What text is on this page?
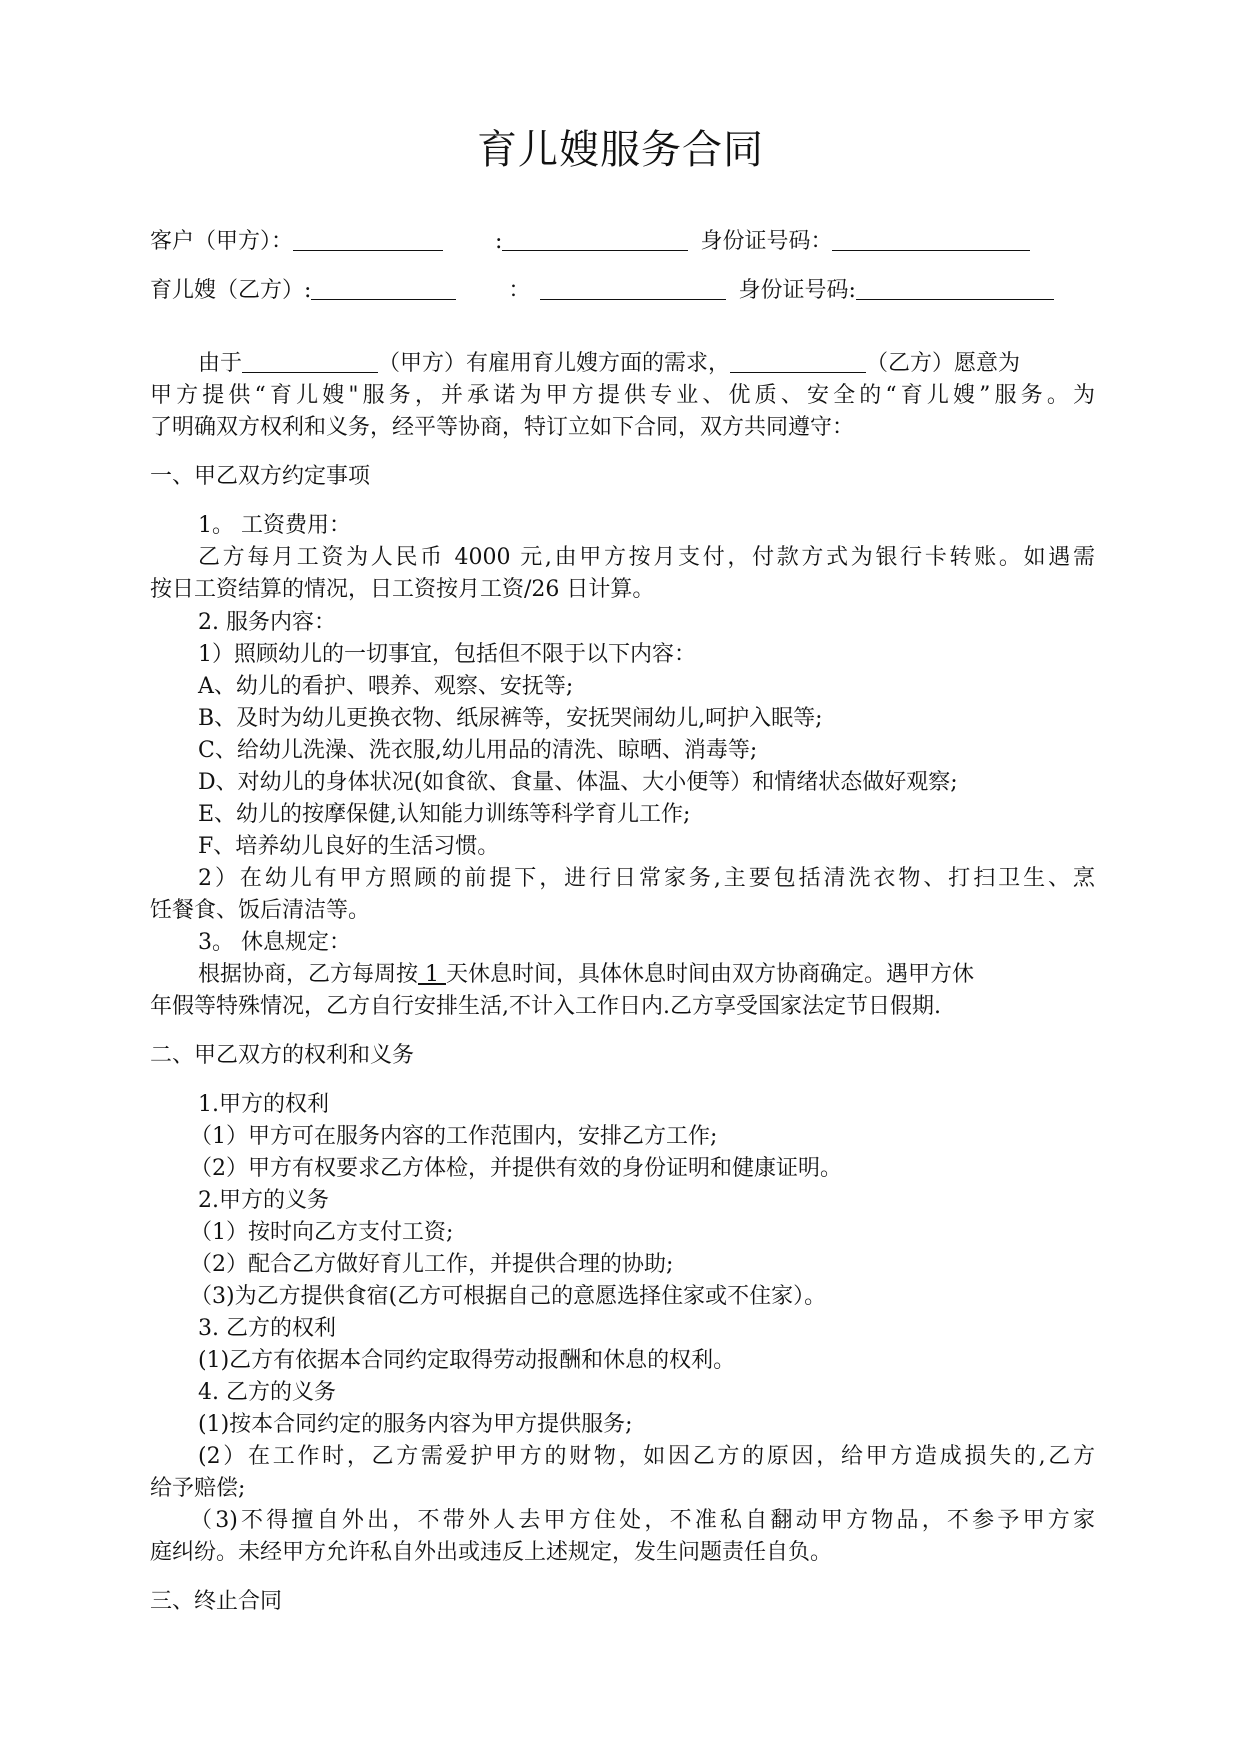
育儿嫂服务合同
客户（甲方）：	:	身份证号码：
育儿嫂（乙方）:	：	身份证号码:
由于	（甲方）有雇用育儿嫂方面的需求，	（乙方）愿意为
甲方提供“育儿嫂"服务，并承诺为甲方提供专业、优质、安全的“育儿嫂”服务。为
了明确双方权利和义务，经平等协商，特订立如下合同，双方共同遵守：
一、甲乙双方约定事项
1。 工资费用：
乙方每月工资为人民币 4000 元,由甲方按月支付，付款方式为银行卡转账。如遇需
按日工资结算的情况，日工资按月工资/26 日计算。
2. 服务内容：
1）照顾幼儿的一切事宜，包括但不限于以下内容：
A、幼儿的看护、喂养、观察、安抚等;
B、及时为幼儿更换衣物、纸尿裤等，安抚哭闹幼儿,呵护入眠等;
C、给幼儿洗澡、洗衣服,幼儿用品的清洗、晾晒、消毒等;
D、对幼儿的身体状况(如食欲、食量、体温、大小便等）和情绪状态做好观察;
E、幼儿的按摩保健,认知能力训练等科学育儿工作;
F、培养幼儿良好的生活习惯。
2）在幼儿有甲方照顾的前提下，进行日常家务,主要包括清洗衣物、打扫卫生、烹
饪餐食、饭后清洁等。
3。 休息规定：
根据协商，乙方每周按 1 天休息时间，具体休息时间由双方协商确定。遇甲方休
年假等特殊情况，乙方自行安排生活,不计入工作日内.乙方享受国家法定节日假期.
二、甲乙双方的权利和义务
1.甲方的权利
（1）甲方可在服务内容的工作范围内，安排乙方工作;
（2）甲方有权要求乙方体检，并提供有效的身份证明和健康证明。
2.甲方的义务
（1）按时向乙方支付工资;
（2）配合乙方做好育儿工作，并提供合理的协助;
（3)为乙方提供食宿(乙方可根据自己的意愿选择住家或不住家）。
3. 乙方的权利
(1)乙方有依据本合同约定取得劳动报酬和休息的权利。
4. 乙方的义务
(1)按本合同约定的服务内容为甲方提供服务;
(2）在工作时，乙方需爱护甲方的财物，如因乙方的原因，给甲方造成损失的,乙方
给予赔偿;
（3)不得擅自外出，不带外人去甲方住处，不准私自翻动甲方物品，不参予甲方家
庭纠纷。未经甲方允许私自外出或违反上述规定，发生问题责任自负。
三、终止合同
